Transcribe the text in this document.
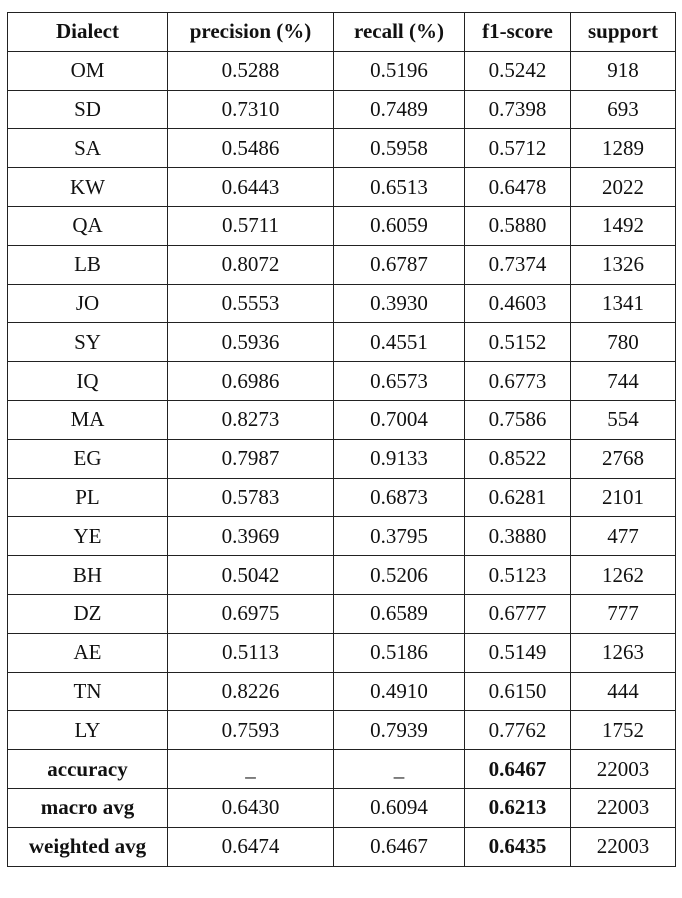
Dialect	precision (%)	recall (%)	f1-score	support
OM	0.5288	0.5196	0.5242	918
SD	0.7310	0.7489	0.7398	693
SA	0.5486	0.5958	0.5712	1289
KW	0.6443	0.6513	0.6478	2022
QA	0.5711	0.6059	0.5880	1492
LB	0.8072	0.6787	0.7374	1326
JO	0.5553	0.3930	0.4603	1341
SY	0.5936	0.4551	0.5152	780
IQ	0.6986	0.6573	0.6773	744
MA	0.8273	0.7004	0.7586	554
EG	0.7987	0.9133	0.8522	2768
PL	0.5783	0.6873	0.6281	2101
YE	0.3969	0.3795	0.3880	477
BH	0.5042	0.5206	0.5123	1262
DZ	0.6975	0.6589	0.6777	777
AE	0.5113	0.5186	0.5149	1263
TN	0.8226	0.4910	0.6150	444
LY	0.7593	0.7939	0.7762	1752
accuracy	_	_	0.6467	22003
macro avg	0.6430	0.6094	0.6213	22003
weighted avg	0.6474	0.6467	0.6435	22003
